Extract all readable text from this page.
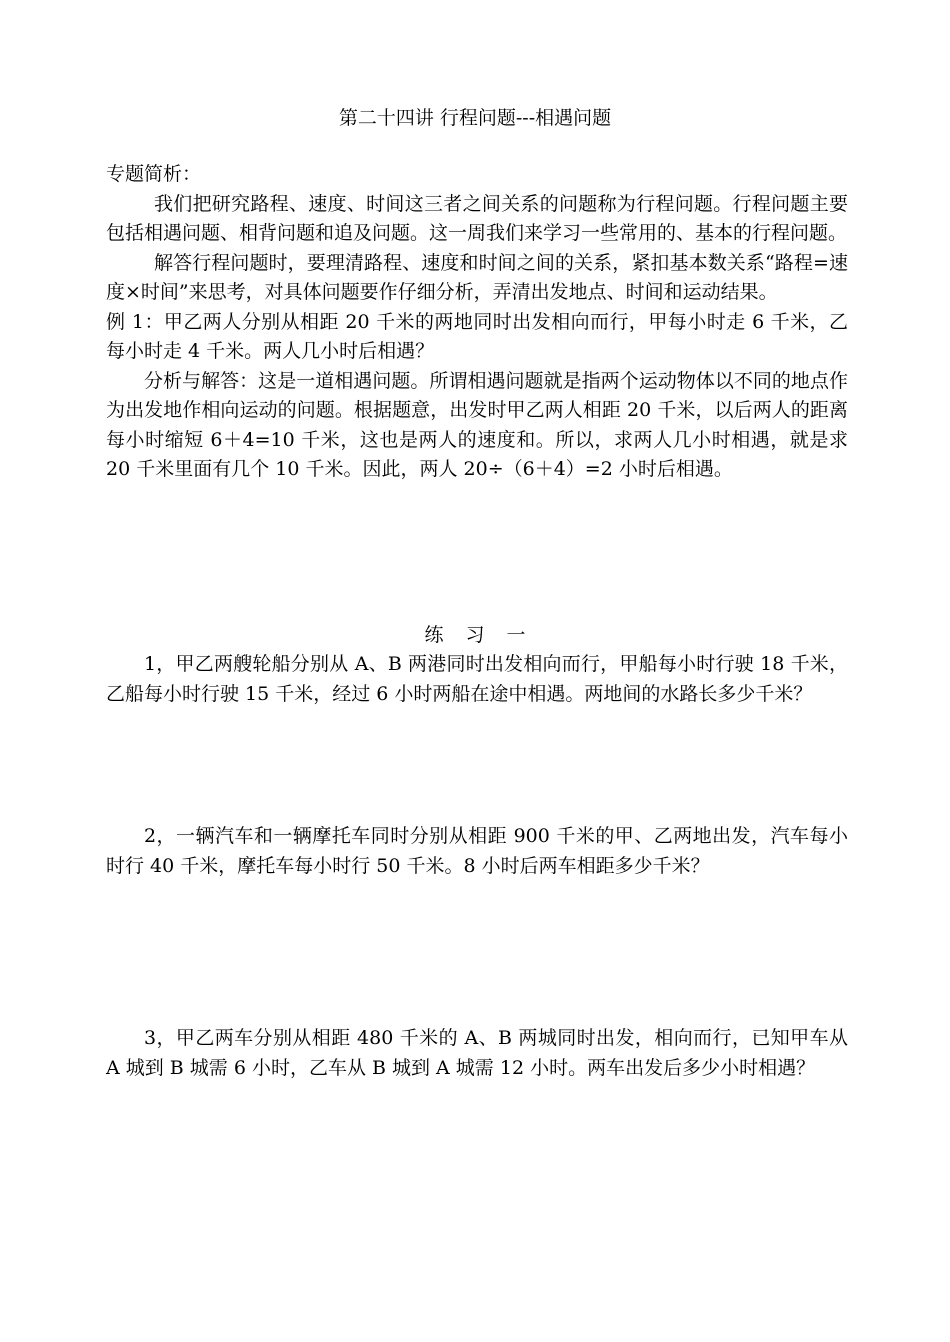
第二十四讲 行程问题---相遇问题

专题简析：

我们把研究路程、速度、时间这三者之间关系的问题称为行程问题。行程问题主要包括相遇问题、相背问题和追及问题。这一周我们来学习一些常用的、基本的行程问题。

解答行程问题时，要理清路程、速度和时间之间的关系，紧扣基本数关系“路程=速度×时间”来思考，对具体问题要作仔细分析，弄清出发地点、时间和运动结果。

例 1：甲乙两人分别从相距 20 千米的两地同时出发相向而行，甲每小时走 6 千米，乙每小时走 4 千米。两人几小时后相遇？

分析与解答：这是一道相遇问题。所谓相遇问题就是指两个运动物体以不同的地点作为出发地作相向运动的问题。根据题意，出发时甲乙两人相距 20 千米，以后两人的距离每小时缩短 6＋4=10 千米，这也是两人的速度和。所以，求两人几小时相遇，就是求 20 千米里面有几个 10 千米。因此，两人 20÷（6＋4）=2 小时后相遇。

练习一

1，甲乙两艘轮船分别从 A、B 两港同时出发相向而行，甲船每小时行驶 18 千米，乙船每小时行驶 15 千米，经过 6 小时两船在途中相遇。两地间的水路长多少千米？

2，一辆汽车和一辆摩托车同时分别从相距 900 千米的甲、乙两地出发，汽车每小时行 40 千米，摩托车每小时行 50 千米。8 小时后两车相距多少千米？

3，甲乙两车分别从相距 480 千米的 A、B 两城同时出发，相向而行，已知甲车从 A 城到 B 城需 6 小时，乙车从 B 城到 A 城需 12 小时。两车出发后多少小时相遇？
